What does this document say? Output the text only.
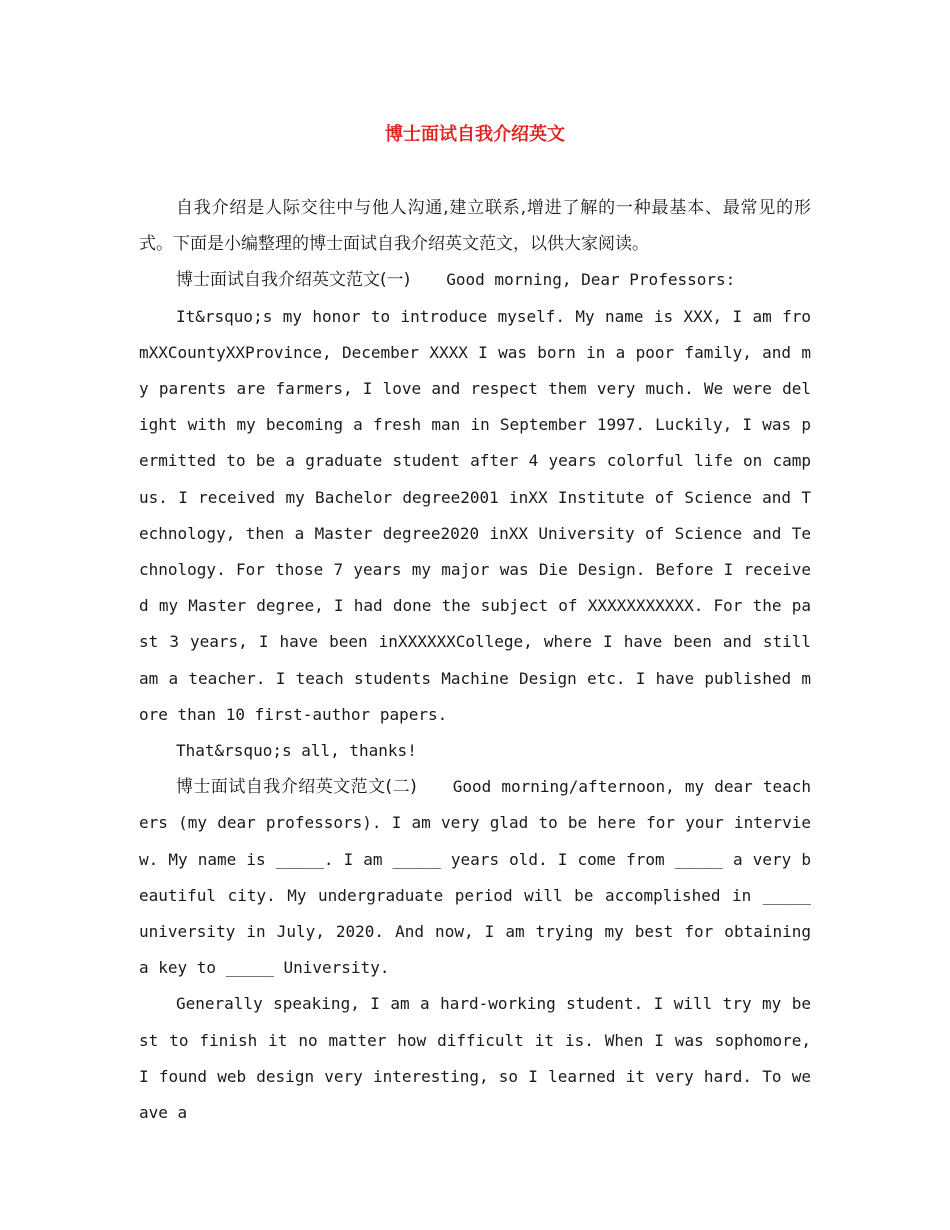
博士面试自我介绍英文

自我介绍是人际交往中与他人沟通,建立联系,增进了解的一种最基本、最常见的形式。下面是小编整理的博士面试自我介绍英文范文，以供大家阅读。

博士面试自我介绍英文范文(一) Good morning, Dear Professors:

It&rsquo;s my honor to introduce myself. My name is XXX, I am fromXXCountyXXProvince, December XXXX I was born in a poor family, and my parents are farmers, I love and respect them very much. We were delight with my becoming a fresh man in September 1997. Luckily, I was permitted to be a graduate student after 4 years colorful life on campus. I received my Bachelor degree2001 inXX Institute of Science and Technology, then a Master degree2020 inXX University of Science and Technology. For those 7 years my major was Die Design. Before I received my Master degree, I had done the subject of XXXXXXXXXXX. For the past 3 years, I have been inXXXXXXCollege, where I have been and still am a teacher. I teach students Machine Design etc. I have published more than 10 first-author papers.

That&rsquo;s all, thanks!

博士面试自我介绍英文范文(二) Good morning/afternoon, my dear teachers (my dear professors). I am very glad to be here for your interview. My name is _____. I am _____ years old. I come from _____ a very beautiful city. My undergraduate period will be accomplished in _____ university in July, 2020. And now, I am trying my best for obtaining a key to _____ University.

Generally speaking, I am a hard-working student. I will try my best to finish it no matter how difficult it is. When I was sophomore, I found web design very interesting, so I learned it very hard. To weave a
